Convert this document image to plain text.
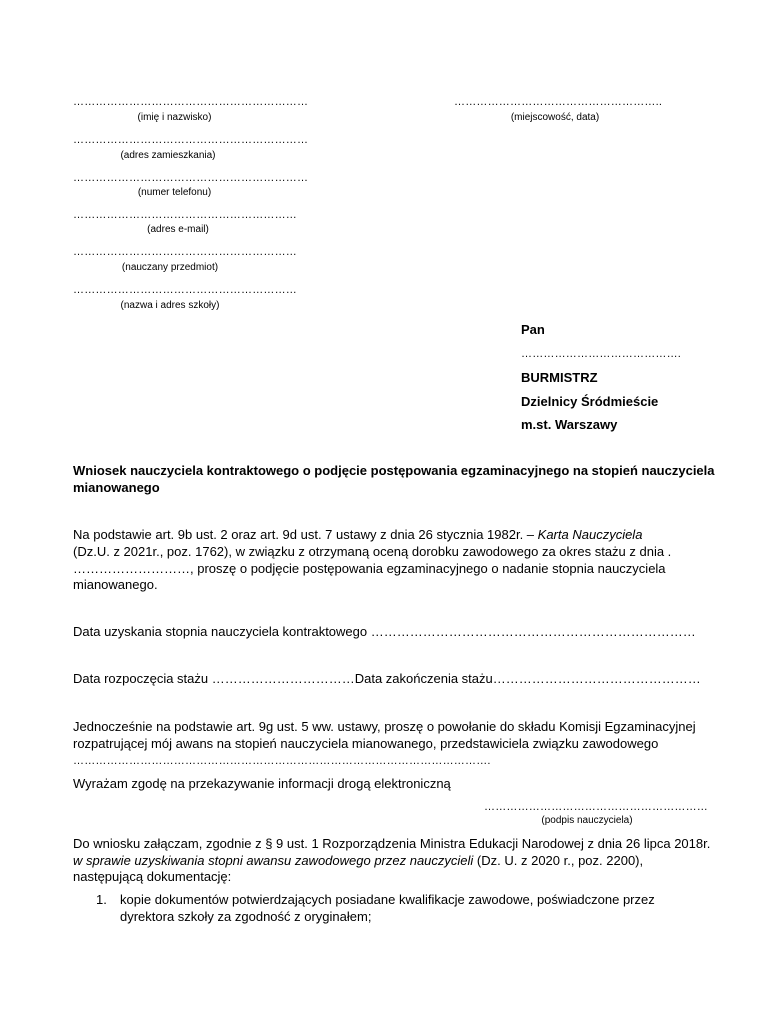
………………………………………………………
(imię i nazwisko)
………………………………………………………
(adres zamieszkania)
………………………………………………………
(numer telefonu)
……………………………………………………
(adres e-mail)
……………………………………………………
(nauczany przedmiot)
……………………………………………………
(nazwa i adres szkoły)
………………………………………………..
(miejscowość, data)
Pan
…………………………………….
BURMISTRZ
Dzielnicy Śródmieście
m.st. Warszawy
Wniosek nauczyciela kontraktowego o podjęcie postępowania egzaminacyjnego na stopień nauczyciela
mianowanego
Na podstawie art. 9b ust. 2 oraz art. 9d ust. 7 ustawy z dnia 26 stycznia 1982r. – Karta Nauczyciela
(Dz.U. z 2021r., poz. 1762), w związku z otrzymaną oceną dorobku zawodowego za okres stażu z dnia .
………………………, proszę o podjęcie postępowania egzaminacyjnego o nadanie stopnia nauczyciela
mianowanego.
Data uzyskania stopnia nauczyciela kontraktowego …………………………………………………………………
Data rozpoczęcia stażu ……………………………Data zakończenia stażu…………………………………………
Jednocześnie na podstawie art. 9g ust. 5 ww. ustawy, proszę o powołanie do składu Komisji Egzaminacyjnej
rozpatrującej mój awans na stopień nauczyciela mianowanego, przedstawiciela związku zawodowego
………………………………………………………………………………………………….
Wyrażam zgodę na przekazywanie informacji drogą elektroniczną
……………………………………………………
(podpis nauczyciela)
Do wniosku załączam, zgodnie z § 9 ust. 1 Rozporządzenia Ministra Edukacji Narodowej z dnia 26 lipca 2018r.
w sprawie uzyskiwania stopni awansu zawodowego przez nauczycieli (Dz. U. z 2020 r., poz. 2200),
następującą dokumentację:
1. kopie dokumentów potwierdzających posiadane kwalifikacje zawodowe, poświadczone przez
dyrektora szkoły za zgodność z oryginałem;
